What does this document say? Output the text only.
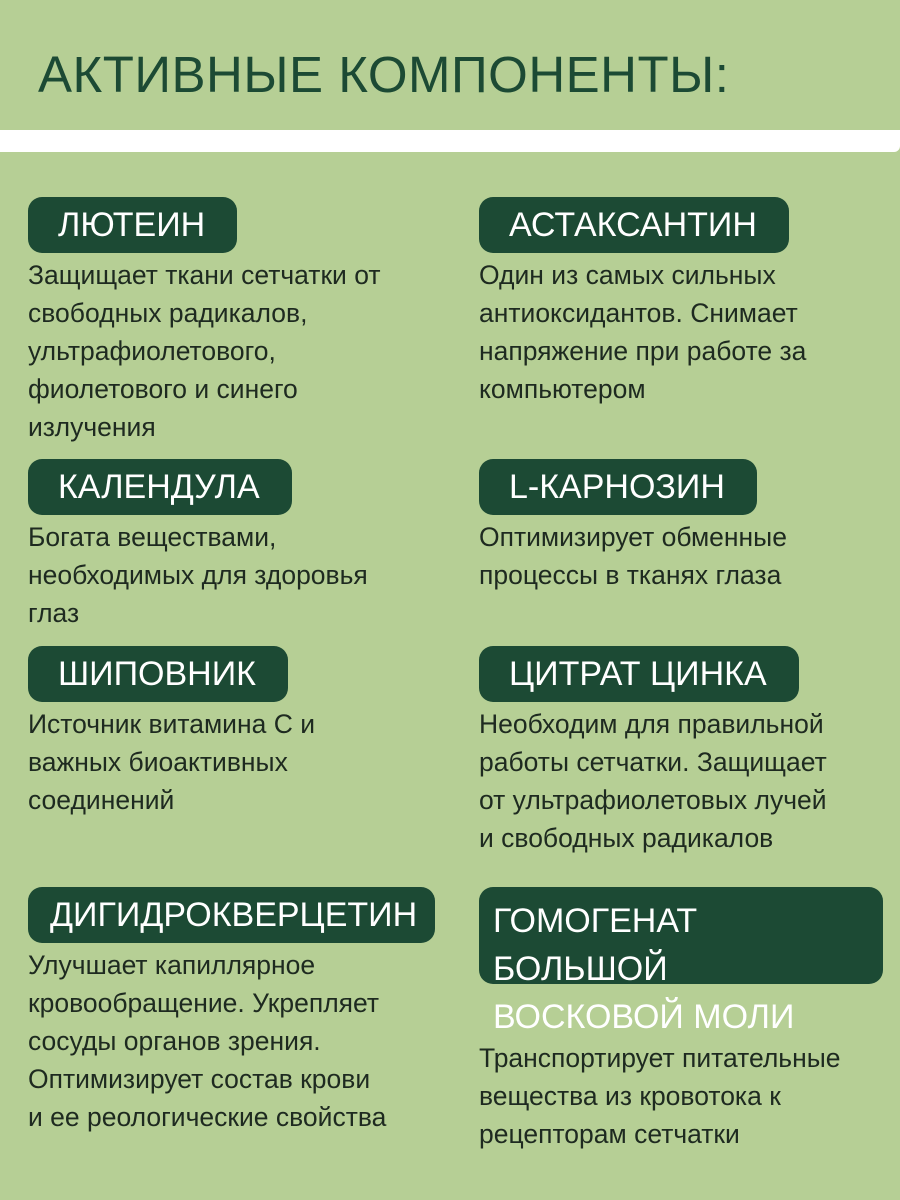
АКТИВНЫЕ КОМПОНЕНТЫ:
ЛЮТЕИН

Защищает ткани сетчатки от
свободных радикалов,
ультрафиолетового,
фиолетового и синего
излучения

АСТАКСАНТИН

Один из самых сильных
антиоксидантов. Снимает
напряжение при работе за
компьютером

КАЛЕНДУЛА

Богата веществами,
необходимых для здоровья
глаз

L-КАРНОЗИН

Оптимизирует обменные
процессы в тканях глаза

ШИПОВНИК

Источник витамина С и
важных биоактивных
соединений

ЦИТРАТ ЦИНКА

Необходим для правильной
работы сетчатки. Защищает
от ультрафиолетовых лучей
и свободных радикалов

ДИГИДРОКВЕРЦЕТИН

Улучшает капиллярное
кровообращение. Укрепляет
сосуды органов зрения.
Оптимизирует состав крови
и ее реологические свойства

ГОМОГЕНАТ БОЛЬШОЙ
ВОСКОВОЙ МОЛИ

Транспортирует питательные
вещества из кровотока к
рецепторам сетчатки
